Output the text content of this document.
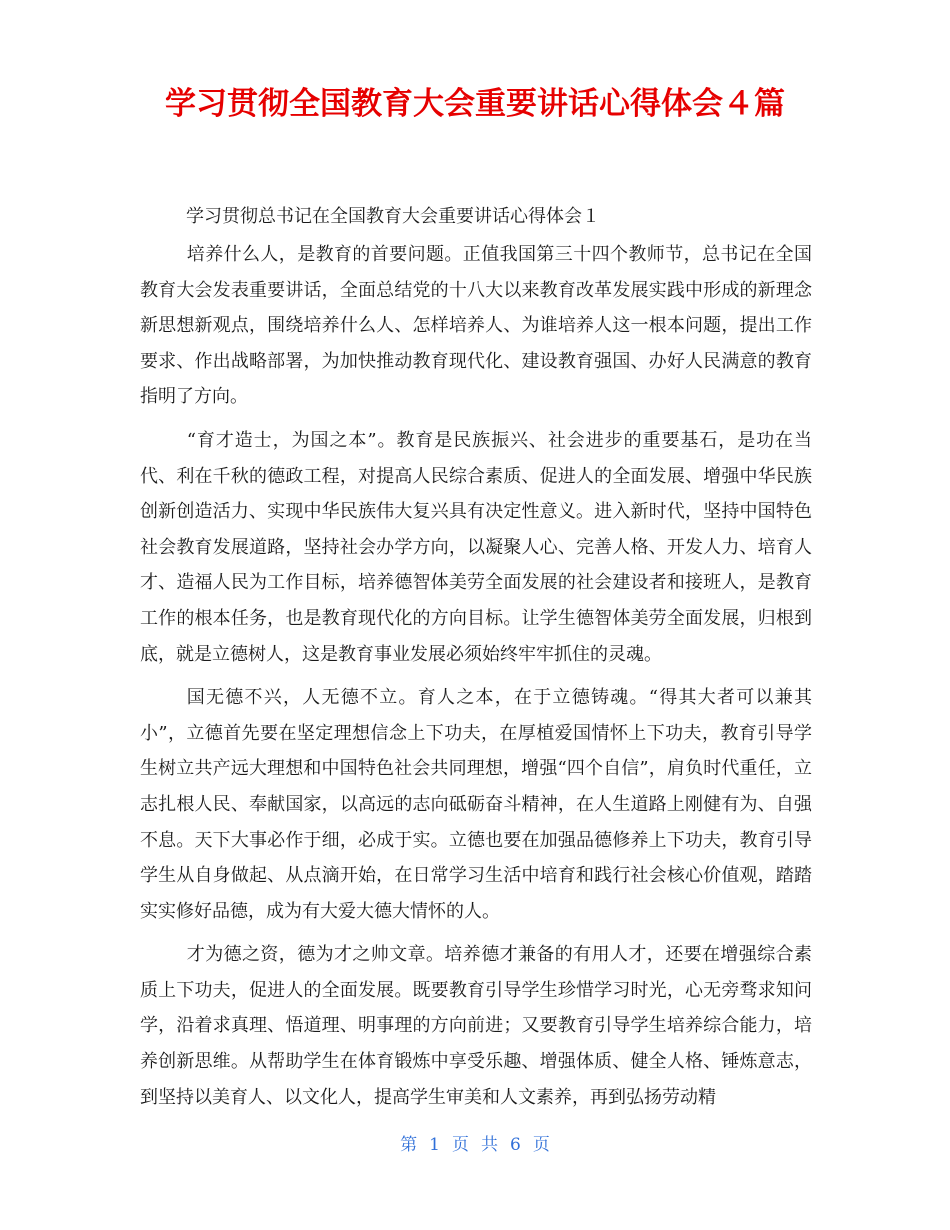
学习贯彻全国教育大会重要讲话心得体会４篇
学习贯彻总书记在全国教育大会重要讲话心得体会１

培养什么人，是教育的首要问题。正值我国第三十四个教师节，总书记在全国教育大会发表重要讲话，全面总结党的十八大以来教育改革发展实践中形成的新理念新思想新观点，围绕培养什么人、怎样培养人、为谁培养人这一根本问题，提出工作要求、作出战略部署，为加快推动教育现代化、建设教育强国、办好人民满意的教育指明了方向。

“育才造士，为国之本”。教育是民族振兴、社会进步的重要基石，是功在当代、利在千秋的德政工程，对提高人民综合素质、促进人的全面发展、增强中华民族创新创造活力、实现中华民族伟大复兴具有决定性意义。进入新时代，坚持中国特色社会教育发展道路，坚持社会办学方向，以凝聚人心、完善人格、开发人力、培育人才、造福人民为工作目标，培养德智体美劳全面发展的社会建设者和接班人，是教育工作的根本任务，也是教育现代化的方向目标。让学生德智体美劳全面发展，归根到底，就是立德树人，这是教育事业发展必须始终牢牢抓住的灵魂。

国无德不兴，人无德不立。育人之本，在于立德铸魂。“得其大者可以兼其小”，立德首先要在坚定理想信念上下功夫，在厚植爱国情怀上下功夫，教育引导学生树立共产远大理想和中国特色社会共同理想，增强“四个自信”，肩负时代重任，立志扎根人民、奉献国家，以高远的志向砥砺奋斗精神，在人生道路上刚健有为、自强不息。天下大事必作于细，必成于实。立德也要在加强品德修养上下功夫，教育引导学生从自身做起、从点滴开始，在日常学习生活中培育和践行社会核心价值观，踏踏实实修好品德，成为有大爱大德大情怀的人。

才为德之资，德为才之帅文章。培养德才兼备的有用人才，还要在增强综合素质上下功夫，促进人的全面发展。既要教育引导学生珍惜学习时光，心无旁骛求知问学，沿着求真理、悟道理、明事理的方向前进；又要教育引导学生培养综合能力，培养创新思维。从帮助学生在体育锻炼中享受乐趣、增强体质、健全人格、锤炼意志，到坚持以美育人、以文化人，提高学生审美和人文素养，再到弘扬劳动精

第 1 页 共 6 页
